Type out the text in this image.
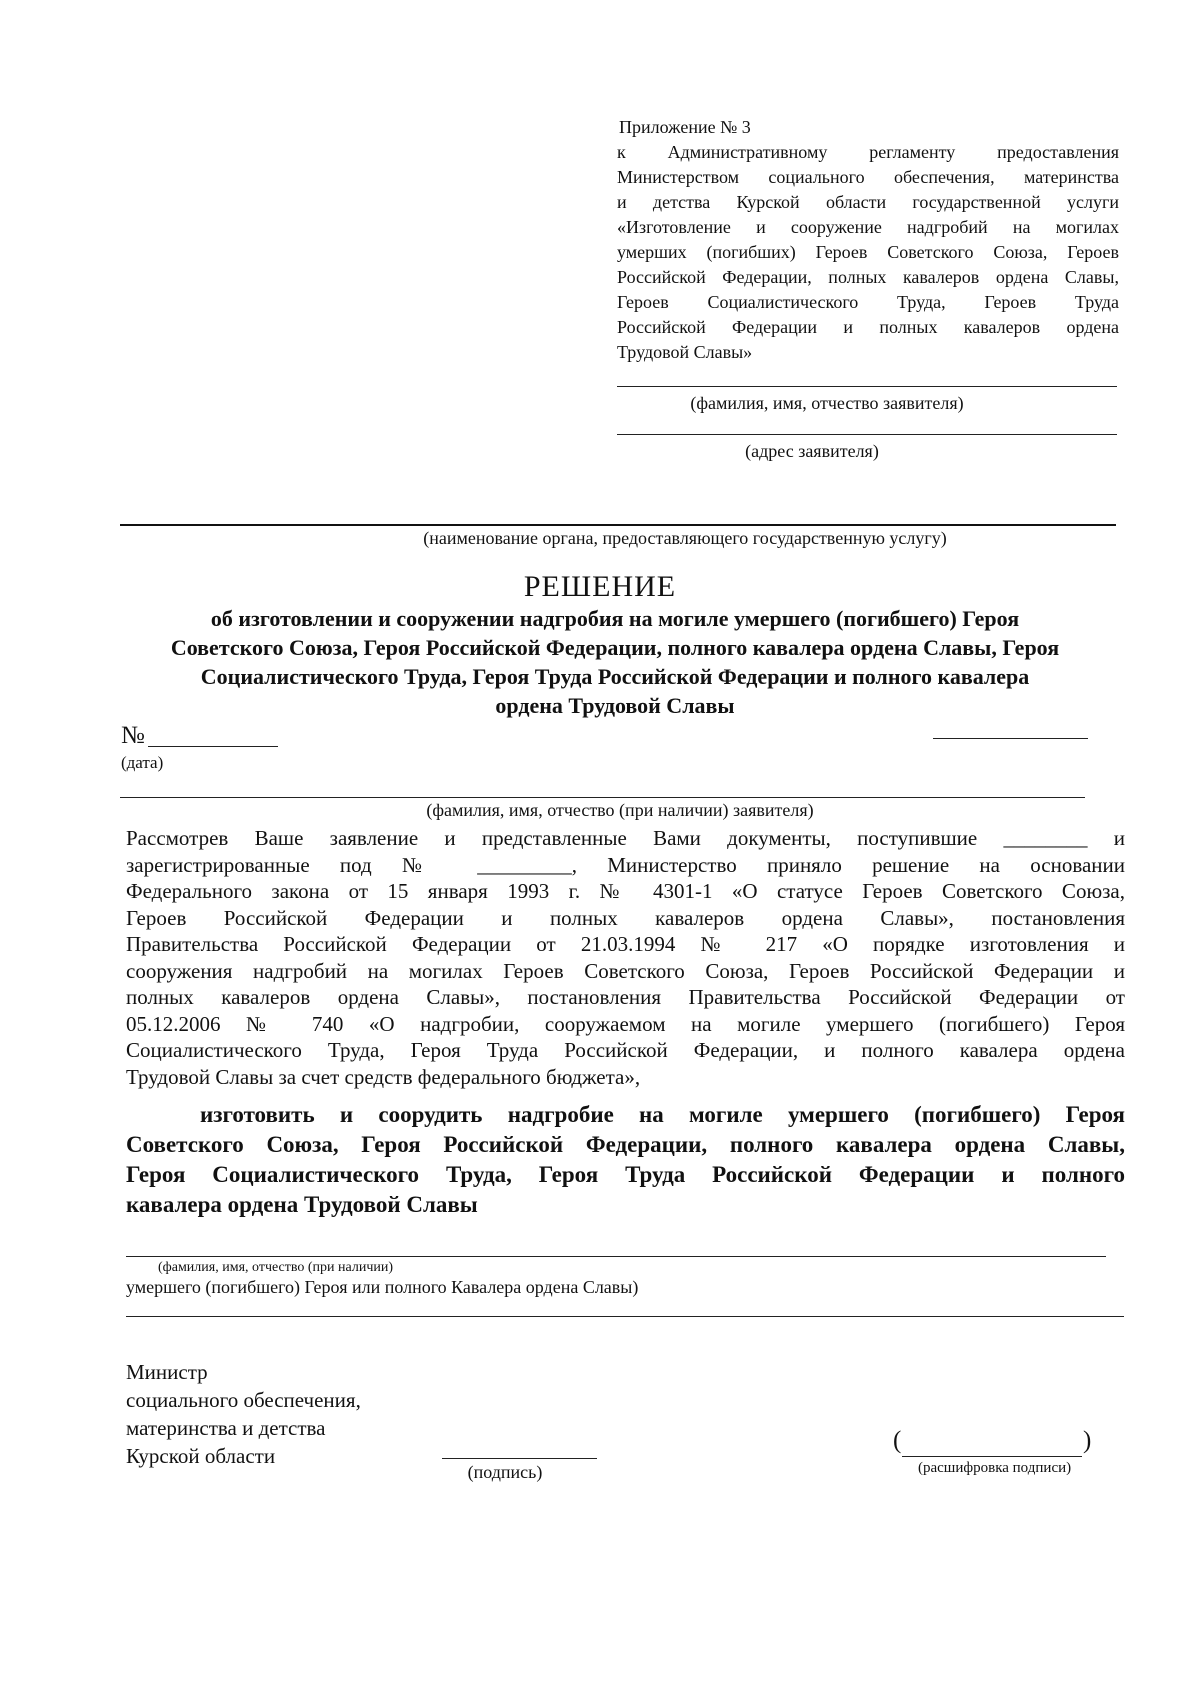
Приложение № 3
к Административному регламенту предоставления
Министерством социального обеспечения, материнства
и детства Курской области государственной услуги
«Изготовление и сооружение надгробий на могилах
умерших (погибших) Героев Советского Союза, Героев
Российской Федерации, полных кавалеров ордена Славы,
Героев Социалистического Труда, Героев Труда
Российской Федерации и полных кавалеров ордена
Трудовой Славы»
(фамилия, имя, отчество заявителя)
(адрес заявителя)
(наименование органа, предоставляющего государственную услугу)
РЕШЕНИЕ
об изготовлении и сооружении надгробия на могиле умершего (погибшего) Героя
Советского Союза, Героя Российской Федерации, полного кавалера ордена Славы, Героя
Социалистического Труда, Героя Труда Российской Федерации и полного кавалера
ордена Трудовой Славы
№
(дата)
(фамилия, имя, отчество (при наличии) заявителя)
Рассмотрев Ваше заявление и представленные Вами документы, поступившие ________ и
зарегистрированные под № _________, Министерство приняло решение на основании
Федерального закона от 15 января 1993 г. № 4301-1 «О статусе Героев Советского Союза,
Героев Российской Федерации и полных кавалеров ордена Славы», постановления
Правительства Российской Федерации от 21.03.1994 № 217 «О порядке изготовления и
сооружения надгробий на могилах Героев Советского Союза, Героев Российской Федерации и
полных кавалеров ордена Славы», постановления Правительства Российской Федерации от
05.12.2006 № 740 «О надгробии, сооружаемом на могиле умершего (погибшего) Героя
Социалистического Труда, Героя Труда Российской Федерации, и полного кавалера ордена
Трудовой Славы за счет средств федерального бюджета»,
изготовить и соорудить надгробие на могиле умершего (погибшего) Героя
Советского Союза, Героя Российской Федерации, полного кавалера ордена Славы,
Героя Социалистического Труда, Героя Труда Российской Федерации и полного
кавалера ордена Трудовой Славы
(фамилия, имя, отчество (при наличии)
умершего (погибшего) Героя или полного Кавалера ордена Славы)
Министр
социального обеспечения,
материнства и детства
Курской области
(подпись)
(	)
(расшифровка подписи)
